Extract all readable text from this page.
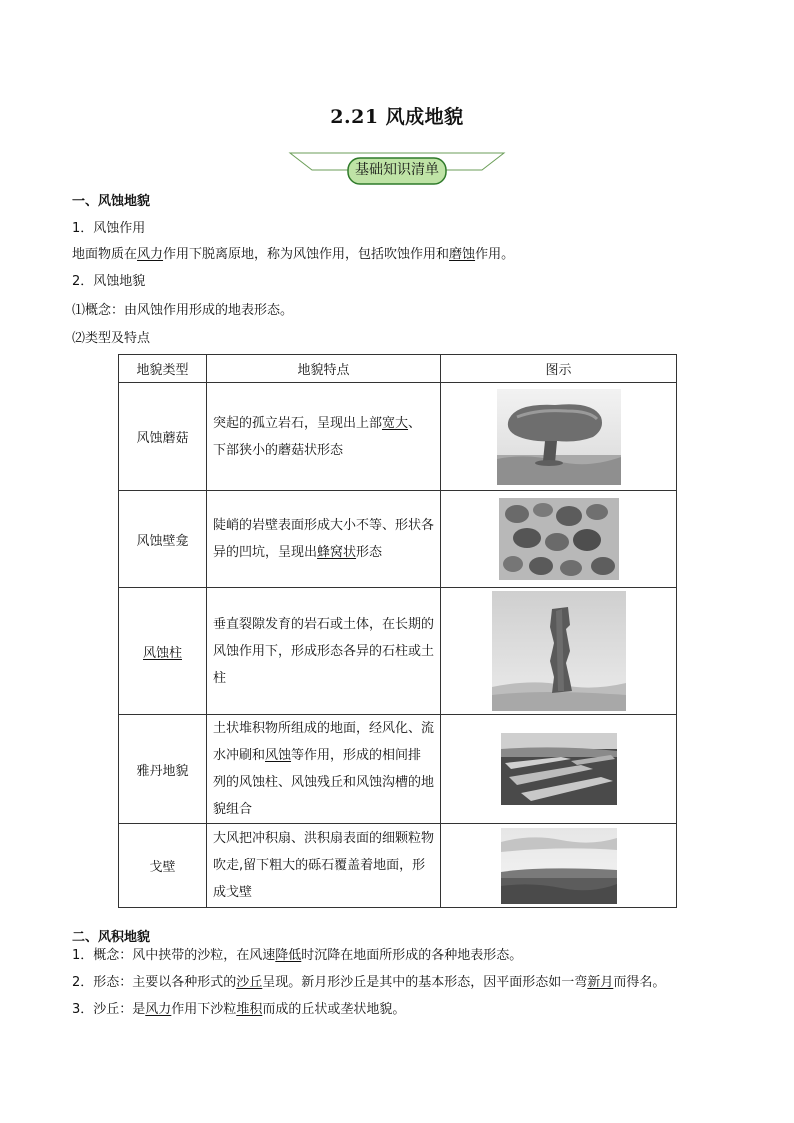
2.21 风成地貌
基础知识清单
一、风蚀地貌
1．风蚀作用
地面物质在风力作用下脱离原地，称为风蚀作用，包括吹蚀作用和磨蚀作用。
2．风蚀地貌
⑴概念：由风蚀作用形成的地表形态。
⑵类型及特点
地貌类型	地貌特点	图示
风蚀蘑菇	突起的孤立岩石，呈现出上部宽大、下部狭小的蘑菇状形态	
风蚀壁龛	陡峭的岩壁表面形成大小不等、形状各异的凹坑，呈现出蜂窝状形态	
风蚀柱	垂直裂隙发育的岩石或土体，在长期的风蚀作用下，形成形态各异的石柱或土柱	
雅丹地貌	土状堆积物所组成的地面，经风化、流水冲刷和风蚀等作用，形成的相间排列的风蚀柱、风蚀残丘和风蚀沟槽的地貌组合	
戈壁	大风把冲积扇、洪积扇表面的细颗粒物吹走,留下粗大的砾石覆盖着地面，形成戈壁	
二、风积地貌
1．概念：风中挟带的沙粒，在风速降低时沉降在地面所形成的各种地表形态。
2．形态：主要以各种形式的沙丘呈现。新月形沙丘是其中的基本形态，因平面形态如一弯新月而得名。
3．沙丘：是风力作用下沙粒堆积而成的丘状或垄状地貌。
